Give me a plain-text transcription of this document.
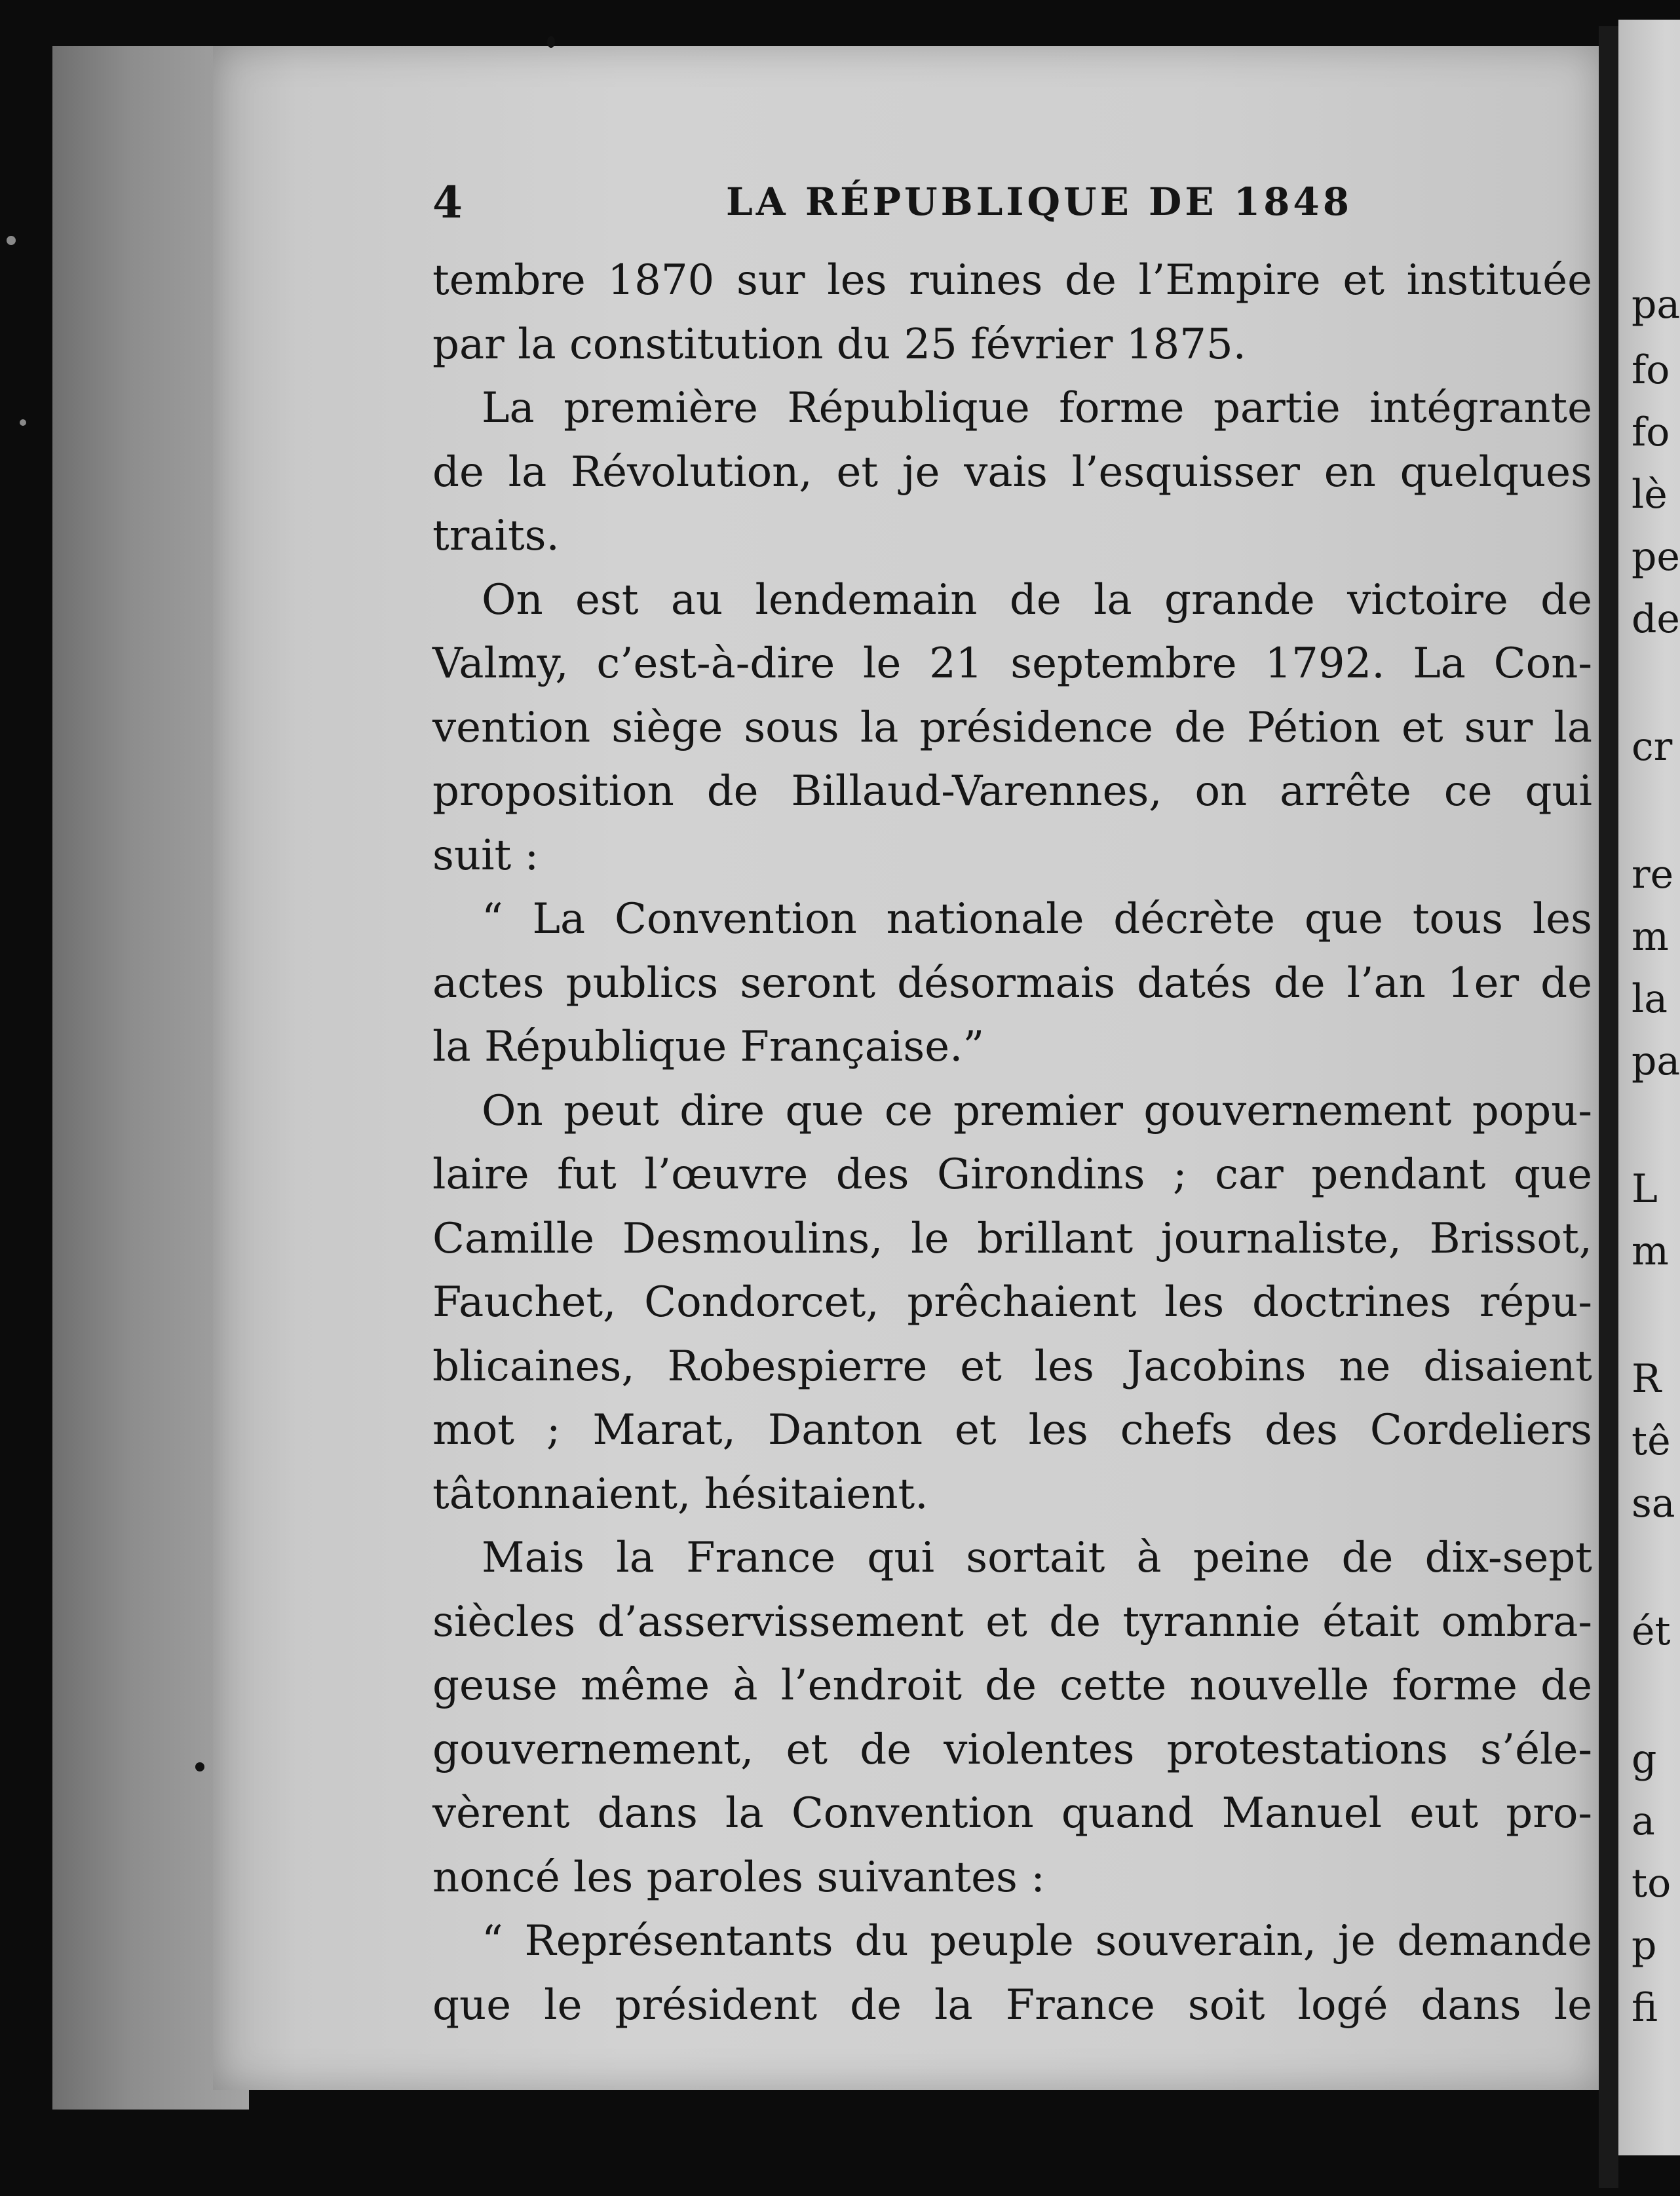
4	LA RÉPUBLIQUE DE 1848
tembre 1870 sur les ruines de l’Empire et instituée
par la constitution du 25 février 1875.
La première République forme partie intégrante
de la Révolution, et je vais l’esquisser en quelques
traits.
On est au lendemain de la grande victoire de
Valmy, c’est-à-dire le 21 septembre 1792. La Con-
vention siège sous la présidence de Pétion et sur la
proposition de Billaud-Varennes, on arrête ce qui
suit :
“ La Convention nationale décrète que tous les
actes publics seront désormais datés de l’an 1er de
la République Française.”
On peut dire que ce premier gouvernement popu-
laire fut l’œuvre des Girondins ; car pendant que
Camille Desmoulins, le brillant journaliste, Brissot,
Fauchet, Condorcet, prêchaient les doctrines répu-
blicaines, Robespierre et les Jacobins ne disaient
mot ; Marat, Danton et les chefs des Cordeliers
tâtonnaient, hésitaient.
Mais la France qui sortait à peine de dix-sept
siècles d’asservissement et de tyrannie était ombra-
geuse même à l’endroit de cette nouvelle forme de
gouvernement, et de violentes protestations s’éle-
vèrent dans la Convention quand Manuel eut pro-
noncé les paroles suivantes :
“ Représentants du peuple souverain, je demande
que le président de la France soit logé dans le
pa
fo
fo
lè
pe
de
cr
re
m
la
pa
L
m
R
tê
sa
ét
g
a
to
p
fi
